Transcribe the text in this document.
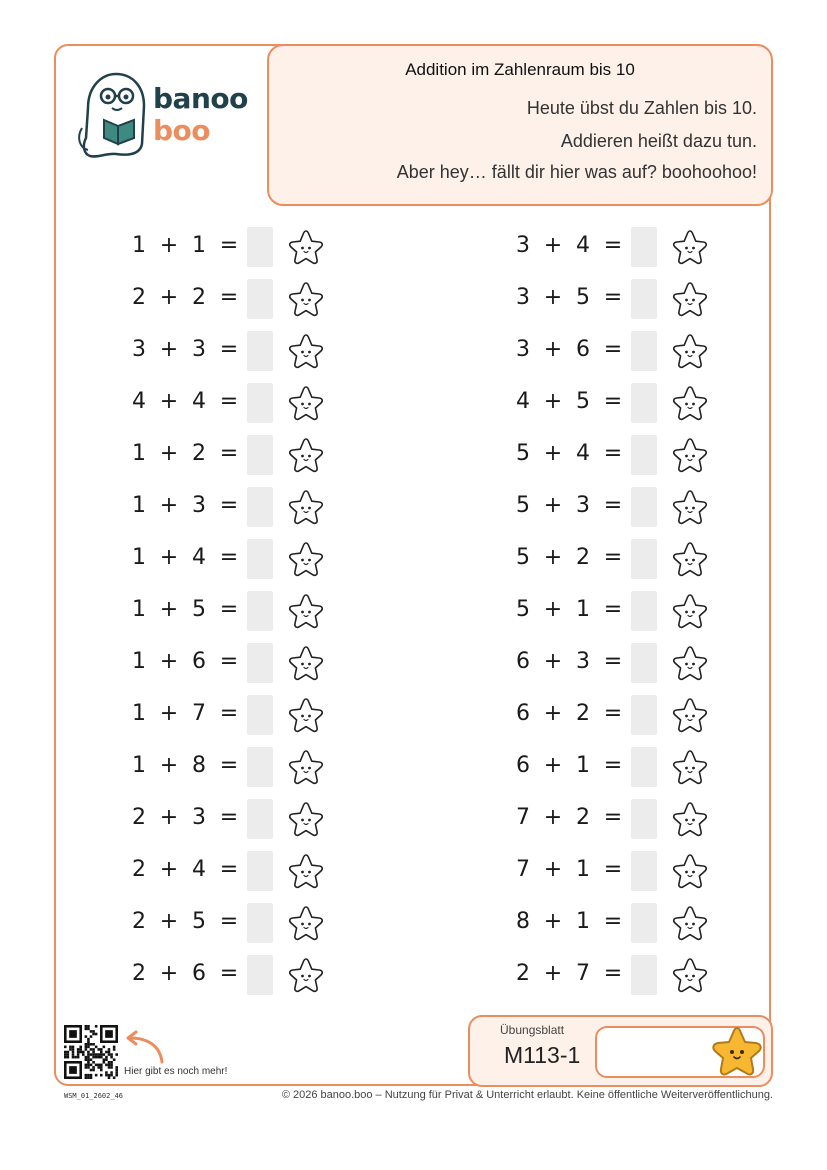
banoo
boo
Addition im Zahlenraum bis 10
Heute übst du Zahlen bis 10.
Addieren heißt dazu tun.
Aber hey… fällt dir hier was auf? boohoohoo!
1 + 1 =
2 + 2 =
3 + 3 =
4 + 4 =
1 + 2 =
1 + 3 =
1 + 4 =
1 + 5 =
1 + 6 =
1 + 7 =
1 + 8 =
2 + 3 =
2 + 4 =
2 + 5 =
2 + 6 =
3 + 4 =
3 + 5 =
3 + 6 =
4 + 5 =
5 + 4 =
5 + 3 =
5 + 2 =
5 + 1 =
6 + 3 =
6 + 2 =
6 + 1 =
7 + 2 =
7 + 1 =
8 + 1 =
2 + 7 =
Hier gibt es noch mehr!
Übungsblatt
M113-1
WSM_01_2602_46	© 2026 banoo.boo – Nutzung für Privat & Unterricht erlaubt. Keine öffentliche Weiterveröffentlichung.
